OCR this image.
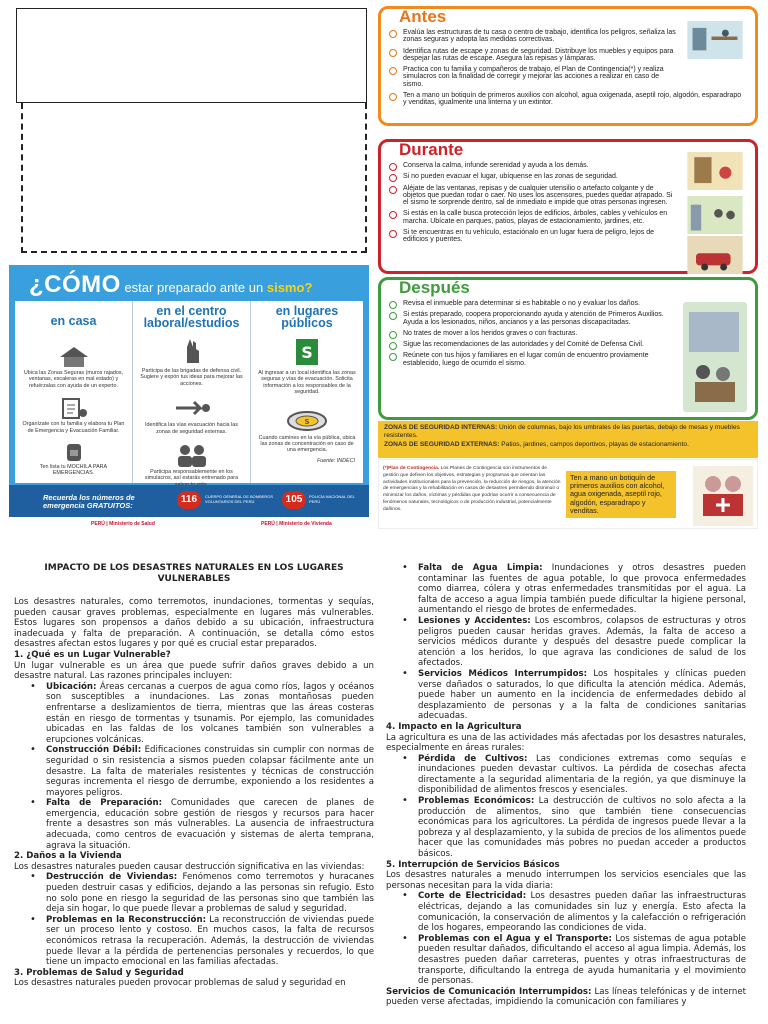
¿CÓMO estar preparado ante un sismo?
en casa

Ubica las Zonas Seguras (muros rajados, ventanas, escaleras en mal estado) y refuérzalas con ayuda de un experto.

Organízate con tu familia y elabora tu Plan de Emergencia y Evacuación Familiar.

Ten lista tu MOCHILA PARA EMERGENCIAS.

en el centro laboral/estudios

Participa de las brigadas de defensa civil. Sugiere y expón tus ideas para mejorar las acciones.

Identifica las vías evacuación hacia las zonas de seguridad externas.

Participa responsablemente en los simulacros, así estarás entrenado para

en lugares públicos
S

Al ingresar a un local identifica las zonas seguras y vías de evacuación. Solicita información a los responsables de la seguridad.

S

Cuando camines en la vía pública, ubica las zonas de concentración en caso de una emergencia.

Fuente: INDECI

Recuerda los números de emergencia GRATUITOS:
116	CUERPO GENERAL DE BOMBEROS VOLUNTARIOS DEL PERÚ	105	POLICÍA NACIONAL DEL PERÚ
PERÚ | Ministerio de Salud	PERÚ | Ministerio de Vivienda
Antes
Evalúa las estructuras de tu casa o centro de trabajo, identifica los peligros, señaliza las zonas seguras y adopta las medidas correctivas.
Identifica rutas de escape y zonas de seguridad. Distribuye los muebles y equipos para despejar las rutas de escape. Asegura las repisas y lámparas.
Practica con tu familia y compañeros de trabajo, el Plan de Contingencia(*) y realiza simulacros con la finalidad de corregir y mejorar las acciones a realizar en caso de sismo.
Ten a mano un botiquín de primeros auxilios con alcohol, agua oxigenada, aseptil rojo, algodón, esparadrapo y venditas, igualmente una linterna y un extintor.
Durante
Conserva la calma, infunde serenidad y ayuda a los demás.
Si no pueden evacuar el lugar, ubíquense en las zonas de seguridad.
Aléjate de las ventanas, repisas y de cualquier utensilio o artefacto colgante y de objetos que puedan rodar o caer. No uses los ascensores, puedes quedar atrapado. Si el sismo te sorprende dentro, sal de inmediato e impide que otras personas ingresen.
Si estás en la calle busca protección lejos de edificios, árboles, cables y vehículos en marcha. Ubícate en parques, patios, playas de estacionamiento, jardines, etc.
Si te encuentras en tu vehículo, estaciónalo en un lugar fuera de peligro, lejos de edificios y puentes.
Después
Revisa el inmueble para determinar si es habitable o no y evaluar los daños.
Si estás preparado, coopera proporcionando ayuda y atención de Primeros Auxilios. Ayuda a los lesionados, niños, ancianos y a las personas discapacitadas.
No trates de mover a los heridos graves o con fracturas.
Sigue las recomendaciones de las autoridades y del Comité de Defensa Civil.
Reúnete con tus hijos y familiares en el lugar común de encuentro proviamente establecido, luego de ocurrido el sismo.
ZONAS DE SEGURIDAD INTERNAS: Unión de columnas, bajo los umbrales de las puertas, debajo de mesas y muebles resistentes.
ZONAS DE SEGURIDAD EXTERNAS: Patios, jardines, campos deportivos, playas de estacionamiento.
(*)Plan de Contingencia. Los Planes de Contingencia son instrumentos de gestión que definen los objetivos, estrategias y programas que orientan las actividades institucionales para la prevención, la reducción de riesgos, la atención de emergencias y la rehabilitación en casos de desastres permitiendo disminuir o minimizar los daños, víctimas y pérdidas que podrían ocurrir a consecuencia de fenómenos naturales, tecnológicos o de producción industrial, potencialmente dañinos.
Ten a mano un botiquín de primeros auxilios con alcohol, agua oxigenada, aseptil rojo, algodón, esparadrapo y venditas.
IMPACTO DE LOS DESASTRES NATURALES EN LOS LUGARES VULNERABLES

Los desastres naturales, como terremotos, inundaciones, tormentas y sequías, pueden causar graves problemas, especialmente en lugares más vulnerables. Estos lugares son propensos a daños debido a su ubicación, infraestructura inadecuada y falta de preparación. A continuación, se detalla cómo estos desastres afectan estos lugares y por qué es crucial estar preparados.

1. ¿Qué es un Lugar Vulnerable?

Un lugar vulnerable es un área que puede sufrir daños graves debido a un desastre natural. Las razones principales incluyen:

• Ubicación: Áreas cercanas a cuerpos de agua como ríos, lagos y océanos son susceptibles a inundaciones. Las zonas montañosas pueden enfrentarse a deslizamientos de tierra, mientras que las áreas costeras están en riesgo de tormentas y tsunamis. Por ejemplo, las comunidades ubicadas en las faldas de los volcanes también son vulnerables a erupciones volcánicas.
• Construcción Débil: Edificaciones construidas sin cumplir con normas de seguridad o sin resistencia a sismos pueden colapsar fácilmente ante un desastre. La falta de materiales resistentes y técnicas de construcción seguras incrementa el riesgo de derrumbe, exponiendo a los residentes a mayores peligros.
• Falta de Preparación: Comunidades que carecen de planes de emergencia, educación sobre gestión de riesgos y recursos para hacer frente a desastres son más vulnerables. La ausencia de infraestructura adecuada, como centros de evacuación y sistemas de alerta temprana, agrava la situación.
2. Daños a la Vivienda

Los desastres naturales pueden causar destrucción significativa en las viviendas:

• Destrucción de Viviendas: Fenómenos como terremotos y huracanes pueden destruir casas y edificios, dejando a las personas sin refugio. Esto no solo pone en riesgo la seguridad de las personas sino que también las deja sin hogar, lo que puede llevar a problemas de salud y seguridad.
• Problemas en la Reconstrucción: La reconstrucción de viviendas puede ser un proceso lento y costoso. En muchos casos, la falta de recursos económicos retrasa la recuperación. Además, la destrucción de viviendas puede llevar a la pérdida de pertenencias personales y recuerdos, lo que tiene un impacto emocional en las familias afectadas.
3. Problemas de Salud y Seguridad

Los desastres naturales pueden provocar problemas de salud y seguridad en

• Falta de Agua Limpia: Inundaciones y otros desastres pueden contaminar las fuentes de agua potable, lo que provoca enfermedades como diarrea, cólera y otras enfermedades transmitidas por el agua. La falta de acceso a agua limpia también puede dificultar la higiene personal, aumentando el riesgo de brotes de enfermedades.
• Lesiones y Accidentes: Los escombros, colapsos de estructuras y otros peligros pueden causar heridas graves. Además, la falta de acceso a servicios médicos durante y después del desastre puede complicar la atención a los heridos, lo que agrava las condiciones de salud de los afectados.
• Servicios Médicos Interrumpidos: Los hospitales y clínicas pueden verse dañados o saturados, lo que dificulta la atención médica. Además, puede haber un aumento en la incidencia de enfermedades debido al desplazamiento de personas y a la falta de condiciones sanitarias adecuadas.
4. Impacto en la Agricultura

La agricultura es una de las actividades más afectadas por los desastres naturales, especialmente en áreas rurales:

• Pérdida de Cultivos: Las condiciones extremas como sequías e inundaciones pueden devastar cultivos. La pérdida de cosechas afecta directamente a la seguridad alimentaria de la región, ya que disminuye la disponibilidad de alimentos frescos y esenciales.
• Problemas Económicos: La destrucción de cultivos no solo afecta a la producción de alimentos, sino que también tiene consecuencias económicas para los agricultores. La pérdida de ingresos puede llevar a la pobreza y al desplazamiento, y la subida de precios de los alimentos puede hacer que las comunidades más pobres no puedan acceder a productos básicos.
5. Interrupción de Servicios Básicos

Los desastres naturales a menudo interrumpen los servicios esenciales que las personas necesitan para la vida diaria:

• Corte de Electricidad: Los desastres pueden dañar las infraestructuras eléctricas, dejando a las comunidades sin luz y energía. Esto afecta la comunicación, la conservación de alimentos y la calefacción o refrigeración de los hogares, empeorando las condiciones de vida.
• Problemas con el Agua y el Transporte: Los sistemas de agua potable pueden resultar dañados, dificultando el acceso al agua limpia. Además, los desastres pueden dañar carreteras, puentes y otras infraestructuras de transporte, dificultando la entrega de ayuda humanitaria y el movimiento de personas.

Servicios de Comunicación Interrumpidos: Las líneas telefónicas y de internet pueden verse afectadas, impidiendo la comunicación con familiares y
